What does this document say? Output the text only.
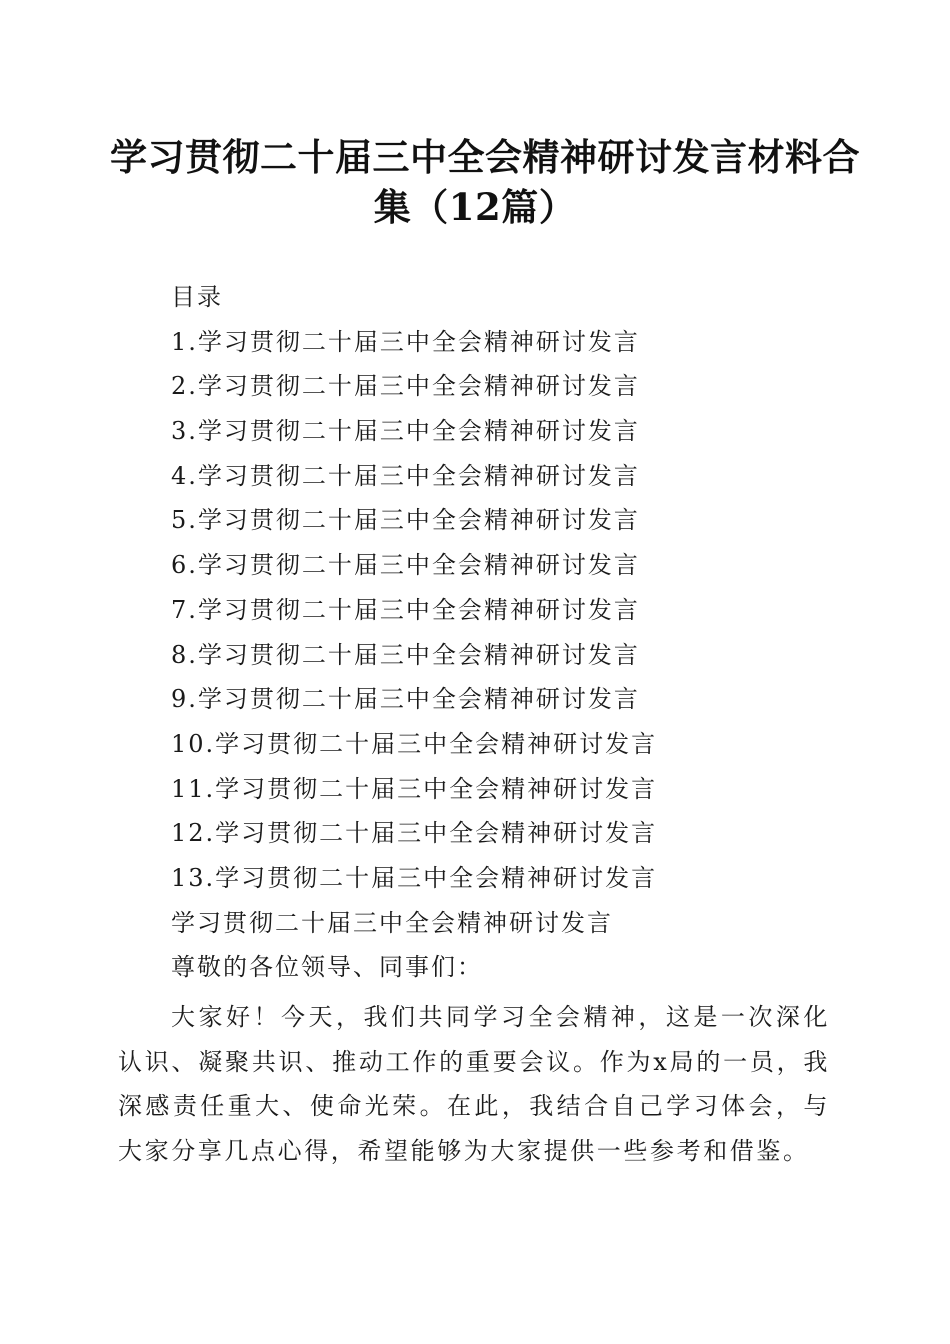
学习贯彻二十届三中全会精神研讨发言材料合
集（12篇）
目录
1.学习贯彻二十届三中全会精神研讨发言
2.学习贯彻二十届三中全会精神研讨发言
3.学习贯彻二十届三中全会精神研讨发言
4.学习贯彻二十届三中全会精神研讨发言
5.学习贯彻二十届三中全会精神研讨发言
6.学习贯彻二十届三中全会精神研讨发言
7.学习贯彻二十届三中全会精神研讨发言
8.学习贯彻二十届三中全会精神研讨发言
9.学习贯彻二十届三中全会精神研讨发言
10.学习贯彻二十届三中全会精神研讨发言
11.学习贯彻二十届三中全会精神研讨发言
12.学习贯彻二十届三中全会精神研讨发言
13.学习贯彻二十届三中全会精神研讨发言
学习贯彻二十届三中全会精神研讨发言
尊敬的各位领导、同事们：

大家好！今天，我们共同学习全会精神，这是一次深化认识、凝聚共识、推动工作的重要会议。作为x局的一员，我深感责任重大、使命光荣。在此，我结合自己学习体会，与大家分享几点心得，希望能够为大家提供一些参考和借鉴。
